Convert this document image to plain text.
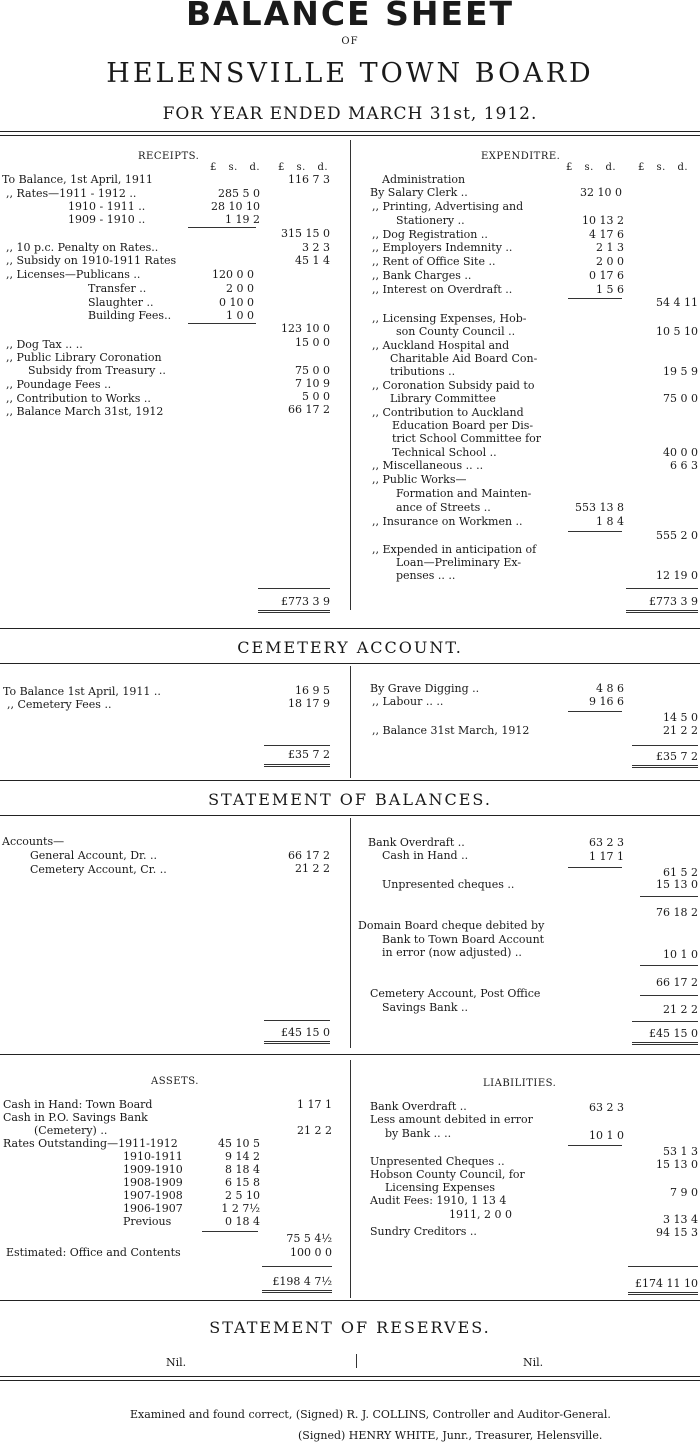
BALANCE SHEET
OF
HELENSVILLE TOWN BOARD
FOR YEAR ENDED MARCH 31st, 1912.
RECEIPTS.	EXPENDITRE.
£ s. d. £ s. d.	£ s. d. £ s. d.
To Balance, 1st April, 1911	116 7 3
,, Rates—1911 - 1912 ..	285 5 0
1910 - 1911 ..	28 10 10
1909 - 1910 ..	1 19 2
315 15 0
,, 10 p.c. Penalty on Rates..	3 2 3
,, Subsidy on 1910-1911 Rates	45 1 4
,, Licenses—Publicans ..	120 0 0
Transfer ..	2 0 0
Slaughter ..	0 10 0
Building Fees..	1 0 0
123 10 0
,, Dog Tax .. ..	15 0 0
,, Public Library Coronation
Subsidy from Treasury ..	75 0 0
,, Poundage Fees ..	7 10 9
,, Contribution to Works ..	5 0 0
,, Balance March 31st, 1912	66 17 2
£773 3 9
Administration
By Salary Clerk ..	32 10 0
,, Printing, Advertising and
Stationery ..	10 13 2
,, Dog Registration ..	4 17 6
,, Employers Indemnity ..	2 1 3
,, Rent of Office Site ..	2 0 0
,, Bank Charges ..	0 17 6
,, Interest on Overdraft ..	1 5 6
54 4 11
,, Licensing Expenses, Hob-
son County Council ..	10 5 10
,, Auckland Hospital and
Charitable Aid Board Con-
tributions ..	19 5 9
,, Coronation Subsidy paid to
Library Committee	75 0 0
,, Contribution to Auckland
Education Board per Dis-
trict School Committee for
Technical School ..	40 0 0
,, Miscellaneous .. ..	6 6 3
,, Public Works—
Formation and Mainten-
ance of Streets ..	553 13 8
,, Insurance on Workmen ..	1 8 4
555 2 0
,, Expended in anticipation of
Loan—Preliminary Ex-
penses .. ..	12 19 0
£773 3 9
CEMETERY ACCOUNT.
To Balance 1st April, 1911 ..	16 9 5
,, Cemetery Fees ..	18 17 9
£35 7 2
By Grave Digging ..	4 8 6
,, Labour .. ..	9 16 6
14 5 0
,, Balance 31st March, 1912	21 2 2
£35 7 2
STATEMENT OF BALANCES.
Accounts—
General Account, Dr. ..	66 17 2
Cemetery Account, Cr. ..	21 2 2
£45 15 0
Bank Overdraft ..	63 2 3
Cash in Hand ..	1 17 1
61 5 2
Unpresented cheques ..	15 13 0
76 18 2
Domain Board cheque debited by
Bank to Town Board Account
in error (now adjusted) ..	10 1 0
66 17 2
Cemetery Account, Post Office
Savings Bank ..	21 2 2
£45 15 0
ASSETS.	LIABILITIES.
Cash in Hand: Town Board	1 17 1
Cash in P.O. Savings Bank
(Cemetery) ..	21 2 2
Rates Outstanding—1911-1912	45 10 5
1910-1911	9 14 2
1909-1910	8 18 4
1908-1909	6 15 8
1907-1908	2 5 10
1906-1907	1 2 7½
Previous	0 18 4
75 5 4½
Estimated: Office and Contents	100 0 0
£198 4 7½
Bank Overdraft ..	63 2 3
Less amount debited in error
by Bank .. ..	10 1 0
53 1 3
Unpresented Cheques ..	15 13 0
Hobson County Council, for
Licensing Expenses	7 9 0
Audit Fees: 1910, 1 13 4
1911, 2 0 0	3 13 4
Sundry Creditors ..	94 15 3
£174 11 10
STATEMENT OF RESERVES.
Nil.	Nil.
Examined and found correct, (Signed) R. J. COLLINS, Controller and Auditor-General.
(Signed) HENRY WHITE, Junr., Treasurer, Helensville.
